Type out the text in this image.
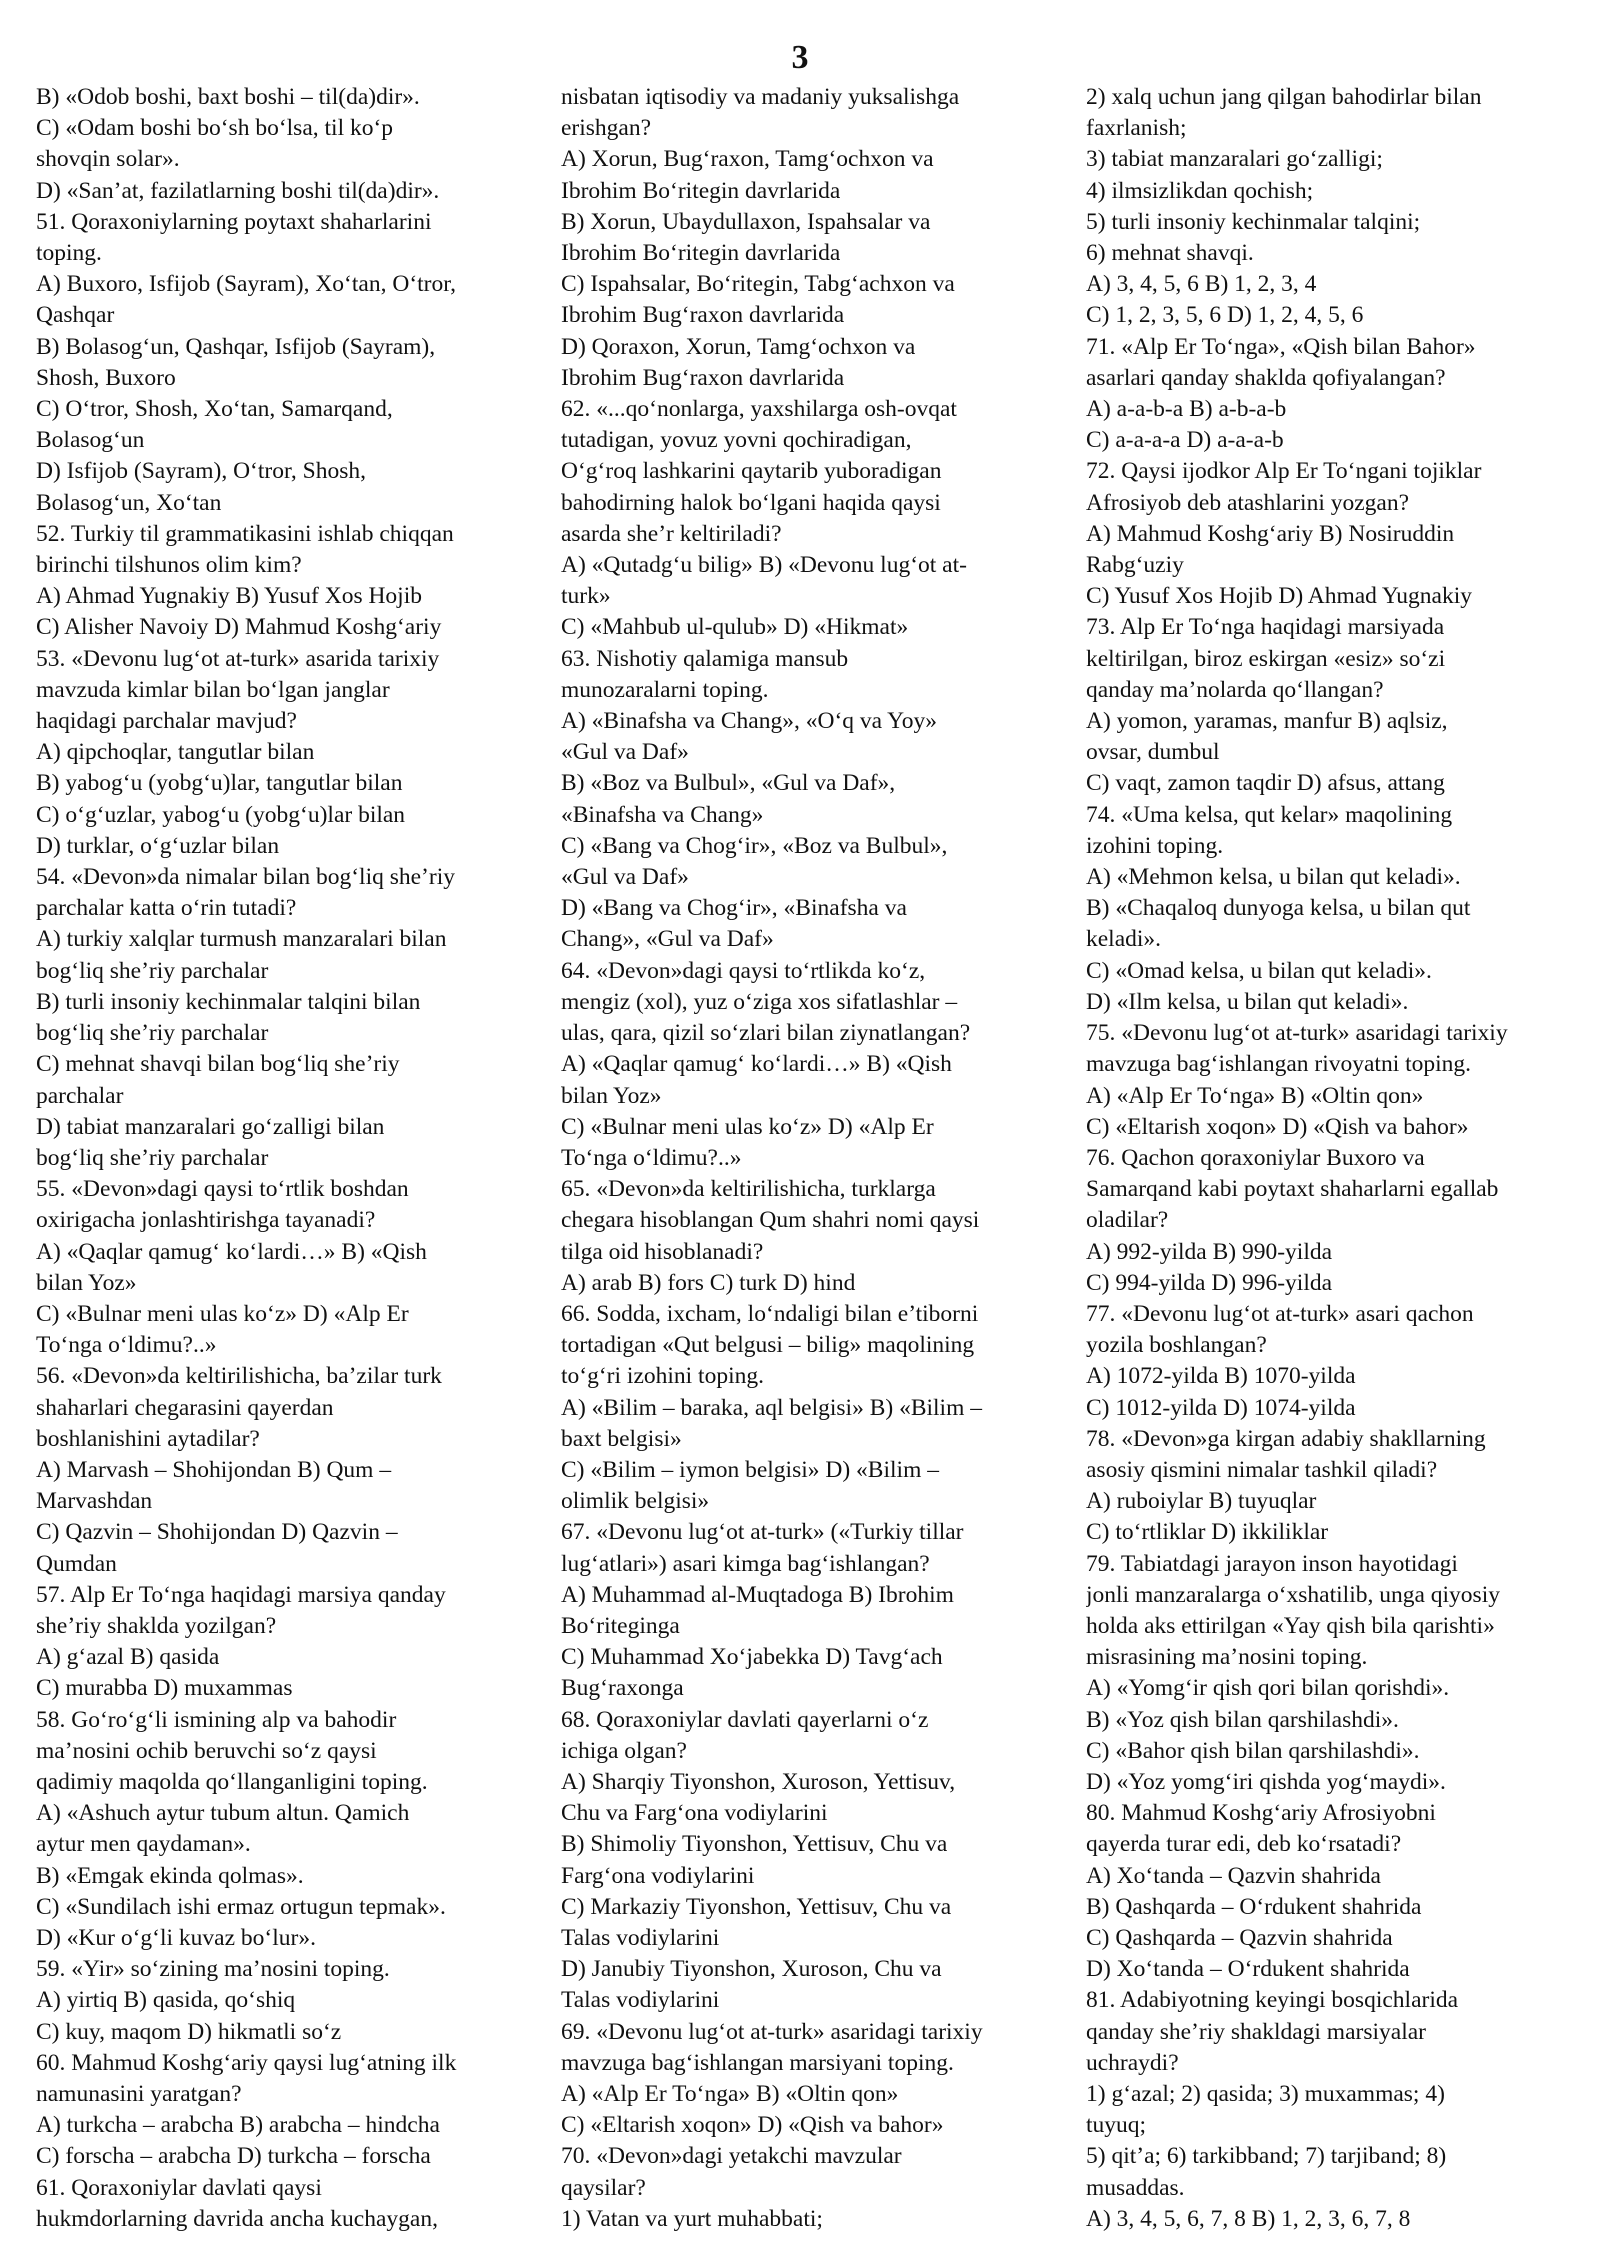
3
B) «Odob boshi, baxt boshi – til(da)dir».
C) «Odam boshi bo‘sh bo‘lsa, til ko‘p
shovqin solar».
D) «San’at, fazilatlarning boshi til(da)dir».
51. Qoraxoniylarning poytaxt shaharlarini
toping.
A) Buxoro, Isfijob (Sayram), Xo‘tan, O‘tror,
Qashqar
B) Bolasog‘un, Qashqar, Isfijob (Sayram),
Shosh, Buxoro
C) O‘tror, Shosh, Xo‘tan, Samarqand,
Bolasog‘un
D) Isfijob (Sayram), O‘tror, Shosh,
Bolasog‘un, Xo‘tan
52. Turkiy til grammatikasini ishlab chiqqan
birinchi tilshunos olim kim?
A) Ahmad Yugnakiy B) Yusuf Xos Hojib
C) Alisher Navoiy D) Mahmud Koshg‘ariy
53. «Devonu lug‘ot at-turk» asarida tarixiy
mavzuda kimlar bilan bo‘lgan janglar
haqidagi parchalar mavjud?
A) qipchoqlar, tangutlar bilan
B) yabog‘u (yobg‘u)lar, tangutlar bilan
C) o‘g‘uzlar, yabog‘u (yobg‘u)lar bilan
D) turklar, o‘g‘uzlar bilan
54. «Devon»da nimalar bilan bog‘liq she’riy
parchalar katta o‘rin tutadi?
A) turkiy xalqlar turmush manzaralari bilan
bog‘liq she’riy parchalar
B) turli insoniy kechinmalar talqini bilan
bog‘liq she’riy parchalar
C) mehnat shavqi bilan bog‘liq she’riy
parchalar
D) tabiat manzaralari go‘zalligi bilan
bog‘liq she’riy parchalar
55. «Devon»dagi qaysi to‘rtlik boshdan
oxirigacha jonlashtirishga tayanadi?
A) «Qaqlar qamug‘ ko‘lardi…» B) «Qish
bilan Yoz»
C) «Bulnar meni ulas ko‘z» D) «Alp Er
To‘nga o‘ldimu?..»
56. «Devon»da keltirilishicha, ba’zilar turk
shaharlari chegarasini qayerdan
boshlanishini aytadilar?
A) Marvash – Shohijondan B) Qum –
Marvashdan
C) Qazvin – Shohijondan D) Qazvin –
Qumdan
57. Alp Er To‘nga haqidagi marsiya qanday
she’riy shaklda yozilgan?
A) g‘azal B) qasida
C) murabba D) muxammas
58. Go‘ro‘g‘li ismining alp va bahodir
ma’nosini ochib beruvchi so‘z qaysi
qadimiy maqolda qo‘llanganligini toping.
A) «Ashuch aytur tubum altun. Qamich
aytur men qaydaman».
B) «Emgak ekinda qolmas».
C) «Sundilach ishi ermaz ortugun tepmak».
D) «Kur o‘g‘li kuvaz bo‘lur».
59. «Yir» so‘zining ma’nosini toping.
A) yirtiq B) qasida, qo‘shiq
C) kuy, maqom D) hikmatli so‘z
60. Mahmud Koshg‘ariy qaysi lug‘atning ilk
namunasini yaratgan?
A) turkcha – arabcha B) arabcha – hindcha
C) forscha – arabcha D) turkcha – forscha
61. Qoraxoniylar davlati qaysi
hukmdorlarning davrida ancha kuchaygan,
nisbatan iqtisodiy va madaniy yuksalishga
erishgan?
A) Xorun, Bug‘raxon, Tamg‘ochxon va
Ibrohim Bo‘ritegin davrlarida
B) Xorun, Ubaydullaxon, Ispahsalar va
Ibrohim Bo‘ritegin davrlarida
C) Ispahsalar, Bo‘ritegin, Tabg‘achxon va
Ibrohim Bug‘raxon davrlarida
D) Qoraxon, Xorun, Tamg‘ochxon va
Ibrohim Bug‘raxon davrlarida
62. «...qo‘nonlarga, yaxshilarga osh-ovqat
tutadigan, yovuz yovni qochiradigan,
O‘g‘roq lashkarini qaytarib yuboradigan
bahodirning halok bo‘lgani haqida qaysi
asarda she’r keltiriladi?
A) «Qutadg‘u bilig» B) «Devonu lug‘ot at-
turk»
C) «Mahbub ul-qulub» D) «Hikmat»
63. Nishotiy qalamiga mansub
munozaralarni toping.
A) «Binafsha va Chang», «O‘q va Yoy»
«Gul va Daf»
B) «Boz va Bulbul», «Gul va Daf»,
«Binafsha va Chang»
C) «Bang va Chog‘ir», «Boz va Bulbul»,
«Gul va Daf»
D) «Bang va Chog‘ir», «Binafsha va
Chang», «Gul va Daf»
64. «Devon»dagi qaysi to‘rtlikda ko‘z,
mengiz (xol), yuz o‘ziga xos sifatlashlar –
ulas, qara, qizil so‘zlari bilan ziynatlangan?
A) «Qaqlar qamug‘ ko‘lardi…» B) «Qish
bilan Yoz»
C) «Bulnar meni ulas ko‘z» D) «Alp Er
To‘nga o‘ldimu?..»
65. «Devon»da keltirilishicha, turklarga
chegara hisoblangan Qum shahri nomi qaysi
tilga oid hisoblanadi?
A) arab B) fors C) turk D) hind
66. Sodda, ixcham, lo‘ndaligi bilan e’tiborni
tortadigan «Qut belgusi – bilig» maqolining
to‘g‘ri izohini toping.
A) «Bilim – baraka, aql belgisi» B) «Bilim –
baxt belgisi»
C) «Bilim – iymon belgisi» D) «Bilim –
olimlik belgisi»
67. «Devonu lug‘ot at-turk» («Turkiy tillar
lug‘atlari») asari kimga bag‘ishlangan?
A) Muhammad al-Muqtadoga B) Ibrohim
Bo‘riteginga
C) Muhammad Xo‘jabekka D) Tavg‘ach
Bug‘raxonga
68. Qoraxoniylar davlati qayerlarni o‘z
ichiga olgan?
A) Sharqiy Tiyonshon, Xuroson, Yettisuv,
Chu va Farg‘ona vodiylarini
B) Shimoliy Tiyonshon, Yettisuv, Chu va
Farg‘ona vodiylarini
C) Markaziy Tiyonshon, Yettisuv, Chu va
Talas vodiylarini
D) Janubiy Tiyonshon, Xuroson, Chu va
Talas vodiylarini
69. «Devonu lug‘ot at-turk» asaridagi tarixiy
mavzuga bag‘ishlangan marsiyani toping.
A) «Alp Er To‘nga» B) «Oltin qon»
C) «Eltarish xoqon» D) «Qish va bahor»
70. «Devon»dagi yetakchi mavzular
qaysilar?
1) Vatan va yurt muhabbati;
2) xalq uchun jang qilgan bahodirlar bilan
faxrlanish;
3) tabiat manzaralari go‘zalligi;
4) ilmsizlikdan qochish;
5) turli insoniy kechinmalar talqini;
6) mehnat shavqi.
A) 3, 4, 5, 6 B) 1, 2, 3, 4
C) 1, 2, 3, 5, 6 D) 1, 2, 4, 5, 6
71. «Alp Er To‘nga», «Qish bilan Bahor»
asarlari qanday shaklda qofiyalangan?
A) a-a-b-a B) a-b-a-b
C) a-a-a-a D) a-a-a-b
72. Qaysi ijodkor Alp Er To‘ngani tojiklar
Afrosiyob deb atashlarini yozgan?
A) Mahmud Koshg‘ariy B) Nosiruddin
Rabg‘uziy
C) Yusuf Xos Hojib D) Ahmad Yugnakiy
73. Alp Er To‘nga haqidagi marsiyada
keltirilgan, biroz eskirgan «esiz» so‘zi
qanday ma’nolarda qo‘llangan?
A) yomon, yaramas, manfur B) aqlsiz,
ovsar, dumbul
C) vaqt, zamon taqdir D) afsus, attang
74. «Uma kelsa, qut kelar» maqolining
izohini toping.
A) «Mehmon kelsa, u bilan qut keladi».
B) «Chaqaloq dunyoga kelsa, u bilan qut
keladi».
C) «Omad kelsa, u bilan qut keladi».
D) «Ilm kelsa, u bilan qut keladi».
75. «Devonu lug‘ot at-turk» asaridagi tarixiy
mavzuga bag‘ishlangan rivoyatni toping.
A) «Alp Er To‘nga» B) «Oltin qon»
C) «Eltarish xoqon» D) «Qish va bahor»
76. Qachon qoraxoniylar Buxoro va
Samarqand kabi poytaxt shaharlarni egallab
oladilar?
A) 992-yilda B) 990-yilda
C) 994-yilda D) 996-yilda
77. «Devonu lug‘ot at-turk» asari qachon
yozila boshlangan?
A) 1072-yilda B) 1070-yilda
C) 1012-yilda D) 1074-yilda
78. «Devon»ga kirgan adabiy shakllarning
asosiy qismini nimalar tashkil qiladi?
A) ruboiylar B) tuyuqlar
C) to‘rtliklar D) ikkiliklar
79. Tabiatdagi jarayon inson hayotidagi
jonli manzaralarga o‘xshatilib, unga qiyosiy
holda aks ettirilgan «Yay qish bila qarishti»
misrasining ma’nosini toping.
A) «Yomg‘ir qish qori bilan qorishdi».
B) «Yoz qish bilan qarshilashdi».
C) «Bahor qish bilan qarshilashdi».
D) «Yoz yomg‘iri qishda yog‘maydi».
80. Mahmud Koshg‘ariy Afrosiyobni
qayerda turar edi, deb ko‘rsatadi?
A) Xo‘tanda – Qazvin shahrida
B) Qashqarda – O‘rdukent shahrida
C) Qashqarda – Qazvin shahrida
D) Xo‘tanda – O‘rdukent shahrida
81. Adabiyotning keyingi bosqichlarida
qanday she’riy shakldagi marsiyalar
uchraydi?
1) g‘azal; 2) qasida; 3) muxammas; 4)
tuyuq;
5) qit’a; 6) tarkibband; 7) tarjiband; 8)
musaddas.
A) 3, 4, 5, 6, 7, 8 B) 1, 2, 3, 6, 7, 8
